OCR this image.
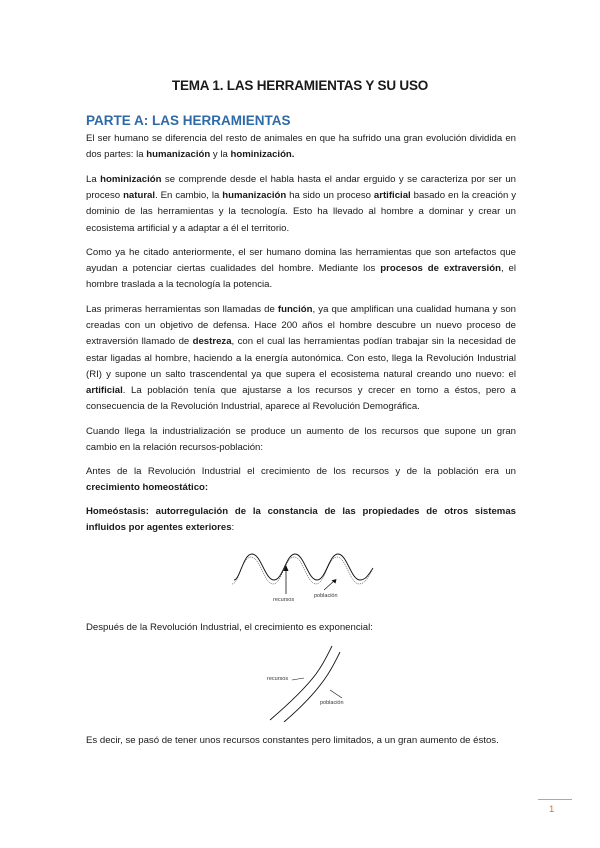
TEMA 1. LAS HERRAMIENTAS Y SU USO
PARTE A: LAS HERRAMIENTAS
El ser humano se diferencia del resto de animales en que ha sufrido una gran evolución dividida en dos partes: la humanización y la hominización.
La hominización se comprende desde el habla hasta el andar erguido y se caracteriza por ser un proceso natural. En cambio, la humanización ha sido un proceso artificial basado en la creación y dominio de las herramientas y la tecnología. Esto ha llevado al hombre a dominar y crear un ecosistema artificial y a adaptar a él el territorio.
Como ya he citado anteriormente, el ser humano domina las herramientas que son artefactos que ayudan a potenciar ciertas cualidades del hombre. Mediante los procesos de extraversión, el hombre traslada a la tecnología la potencia.
Las primeras herramientas son llamadas de función, ya que amplifican una cualidad humana y son creadas con un objetivo de defensa. Hace 200 años el hombre descubre un nuevo proceso de extraversión llamado de destreza, con el cual las herramientas podían trabajar sin la necesidad de estar ligadas al hombre, haciendo a la energía autonómica. Con esto, llega la Revolución Industrial (RI) y supone un salto trascendental ya que supera el ecosistema natural creando uno nuevo: el artificial. La población tenía que ajustarse a los recursos y crecer en torno a éstos, pero a consecuencia de la Revolución Industrial, aparece al Revolución Demográfica.
Cuando llega la industrialización se produce un aumento de los recursos que supone un gran cambio en la relación recursos-población:
Antes de la Revolución Industrial el crecimiento de los recursos y de la población era un crecimiento homeostático:
Homeóstasis: autorregulación de la constancia de las propiedades de otros sistemas influidos por agentes exteriores:
recursos
población
Después de la Revolución Industrial, el crecimiento es exponencial:
recursos
población
Es decir, se pasó de tener unos recursos constantes pero limitados, a un gran aumento de éstos.
1
